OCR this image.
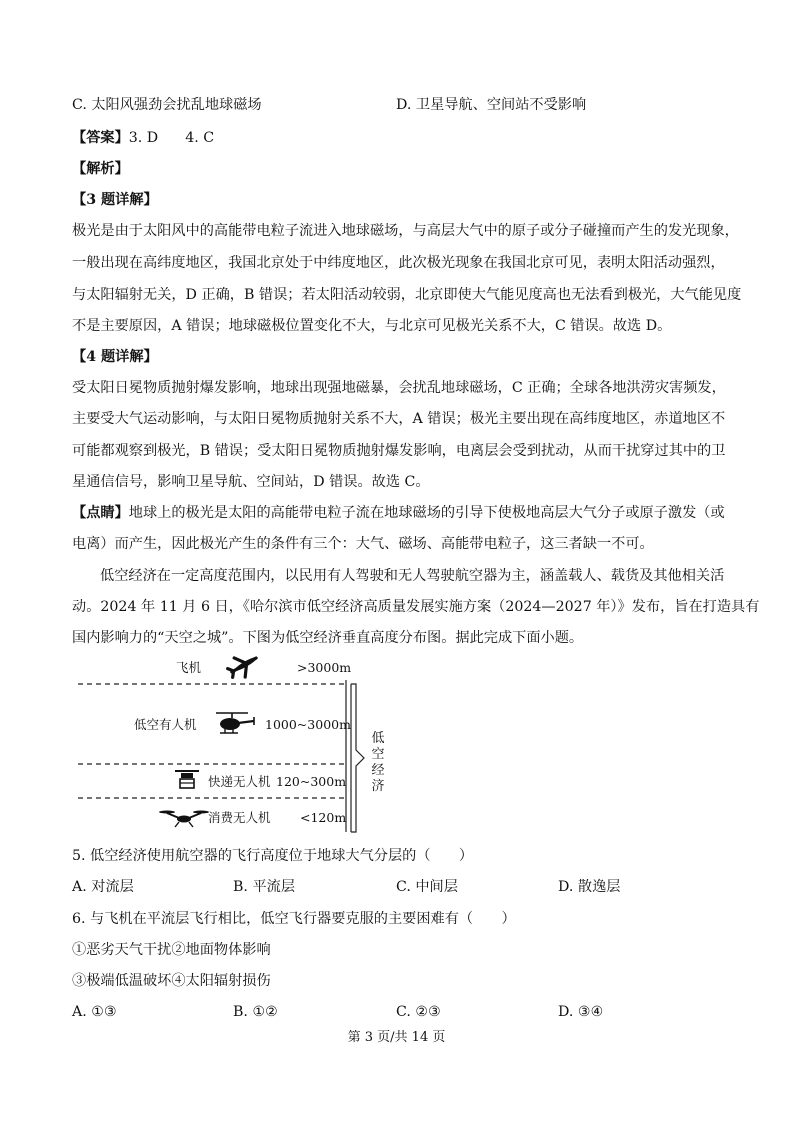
C. 太阳风强劲会扰乱地球磁场	D. 卫星导航、空间站不受影响
【答案】3. D      4. C
【解析】
【3 题详解】
极光是由于太阳风中的高能带电粒子流进入地球磁场，与高层大气中的原子或分子碰撞而产生的发光现象，
一般出现在高纬度地区，我国北京处于中纬度地区，此次极光现象在我国北京可见，表明太阳活动强烈，
与太阳辐射无关，D 正确，B 错误；若太阳活动较弱，北京即使大气能见度高也无法看到极光，大气能见度
不是主要原因，A 错误；地球磁极位置变化不大，与北京可见极光关系不大，C 错误。故选 D。
【4 题详解】
受太阳日冕物质抛射爆发影响，地球出现强地磁暴，会扰乱地球磁场，C 正确；全球各地洪涝灾害频发，
主要受大气运动影响，与太阳日冕物质抛射关系不大，A 错误；极光主要出现在高纬度地区，赤道地区不
可能都观察到极光，B 错误；受太阳日冕物质抛射爆发影响，电离层会受到扰动，从而干扰穿过其中的卫
星通信信号，影响卫星导航、空间站，D 错误。故选 C。
【点睛】地球上的极光是太阳的高能带电粒子流在地球磁场的引导下使极地高层大气分子或原子激发（或
电离）而产生，因此极光产生的条件有三个：大气、磁场、高能带电粒子，这三者缺一不可。
低空经济在一定高度范围内，以民用有人驾驶和无人驾驶航空器为主，涵盖载人、载货及其他相关活
动。2024 年 11 月 6 日，《哈尔滨市低空经济高质量发展实施方案（2024—2027 年）》发布，旨在打造具有
国内影响力的“天空之城”。下图为低空经济垂直高度分布图。据此完成下面小题。
低
空
经
济
飞机	>3000m
低空有人机	1000~3000m
快递无人机 120~300m
消费无人机 <120m
5. 低空经济使用航空器的飞行高度位于地球大气分层的（　　）
A. 对流层	B. 平流层	C. 中间层	D. 散逸层
6. 与飞机在平流层飞行相比，低空飞行器要克服的主要困难有（　　）
①恶劣天气干扰②地面物体影响
③极端低温破坏④太阳辐射损伤
A. ①③	B. ①②	C. ②③	D. ③④
第 3 页/共 14 页
